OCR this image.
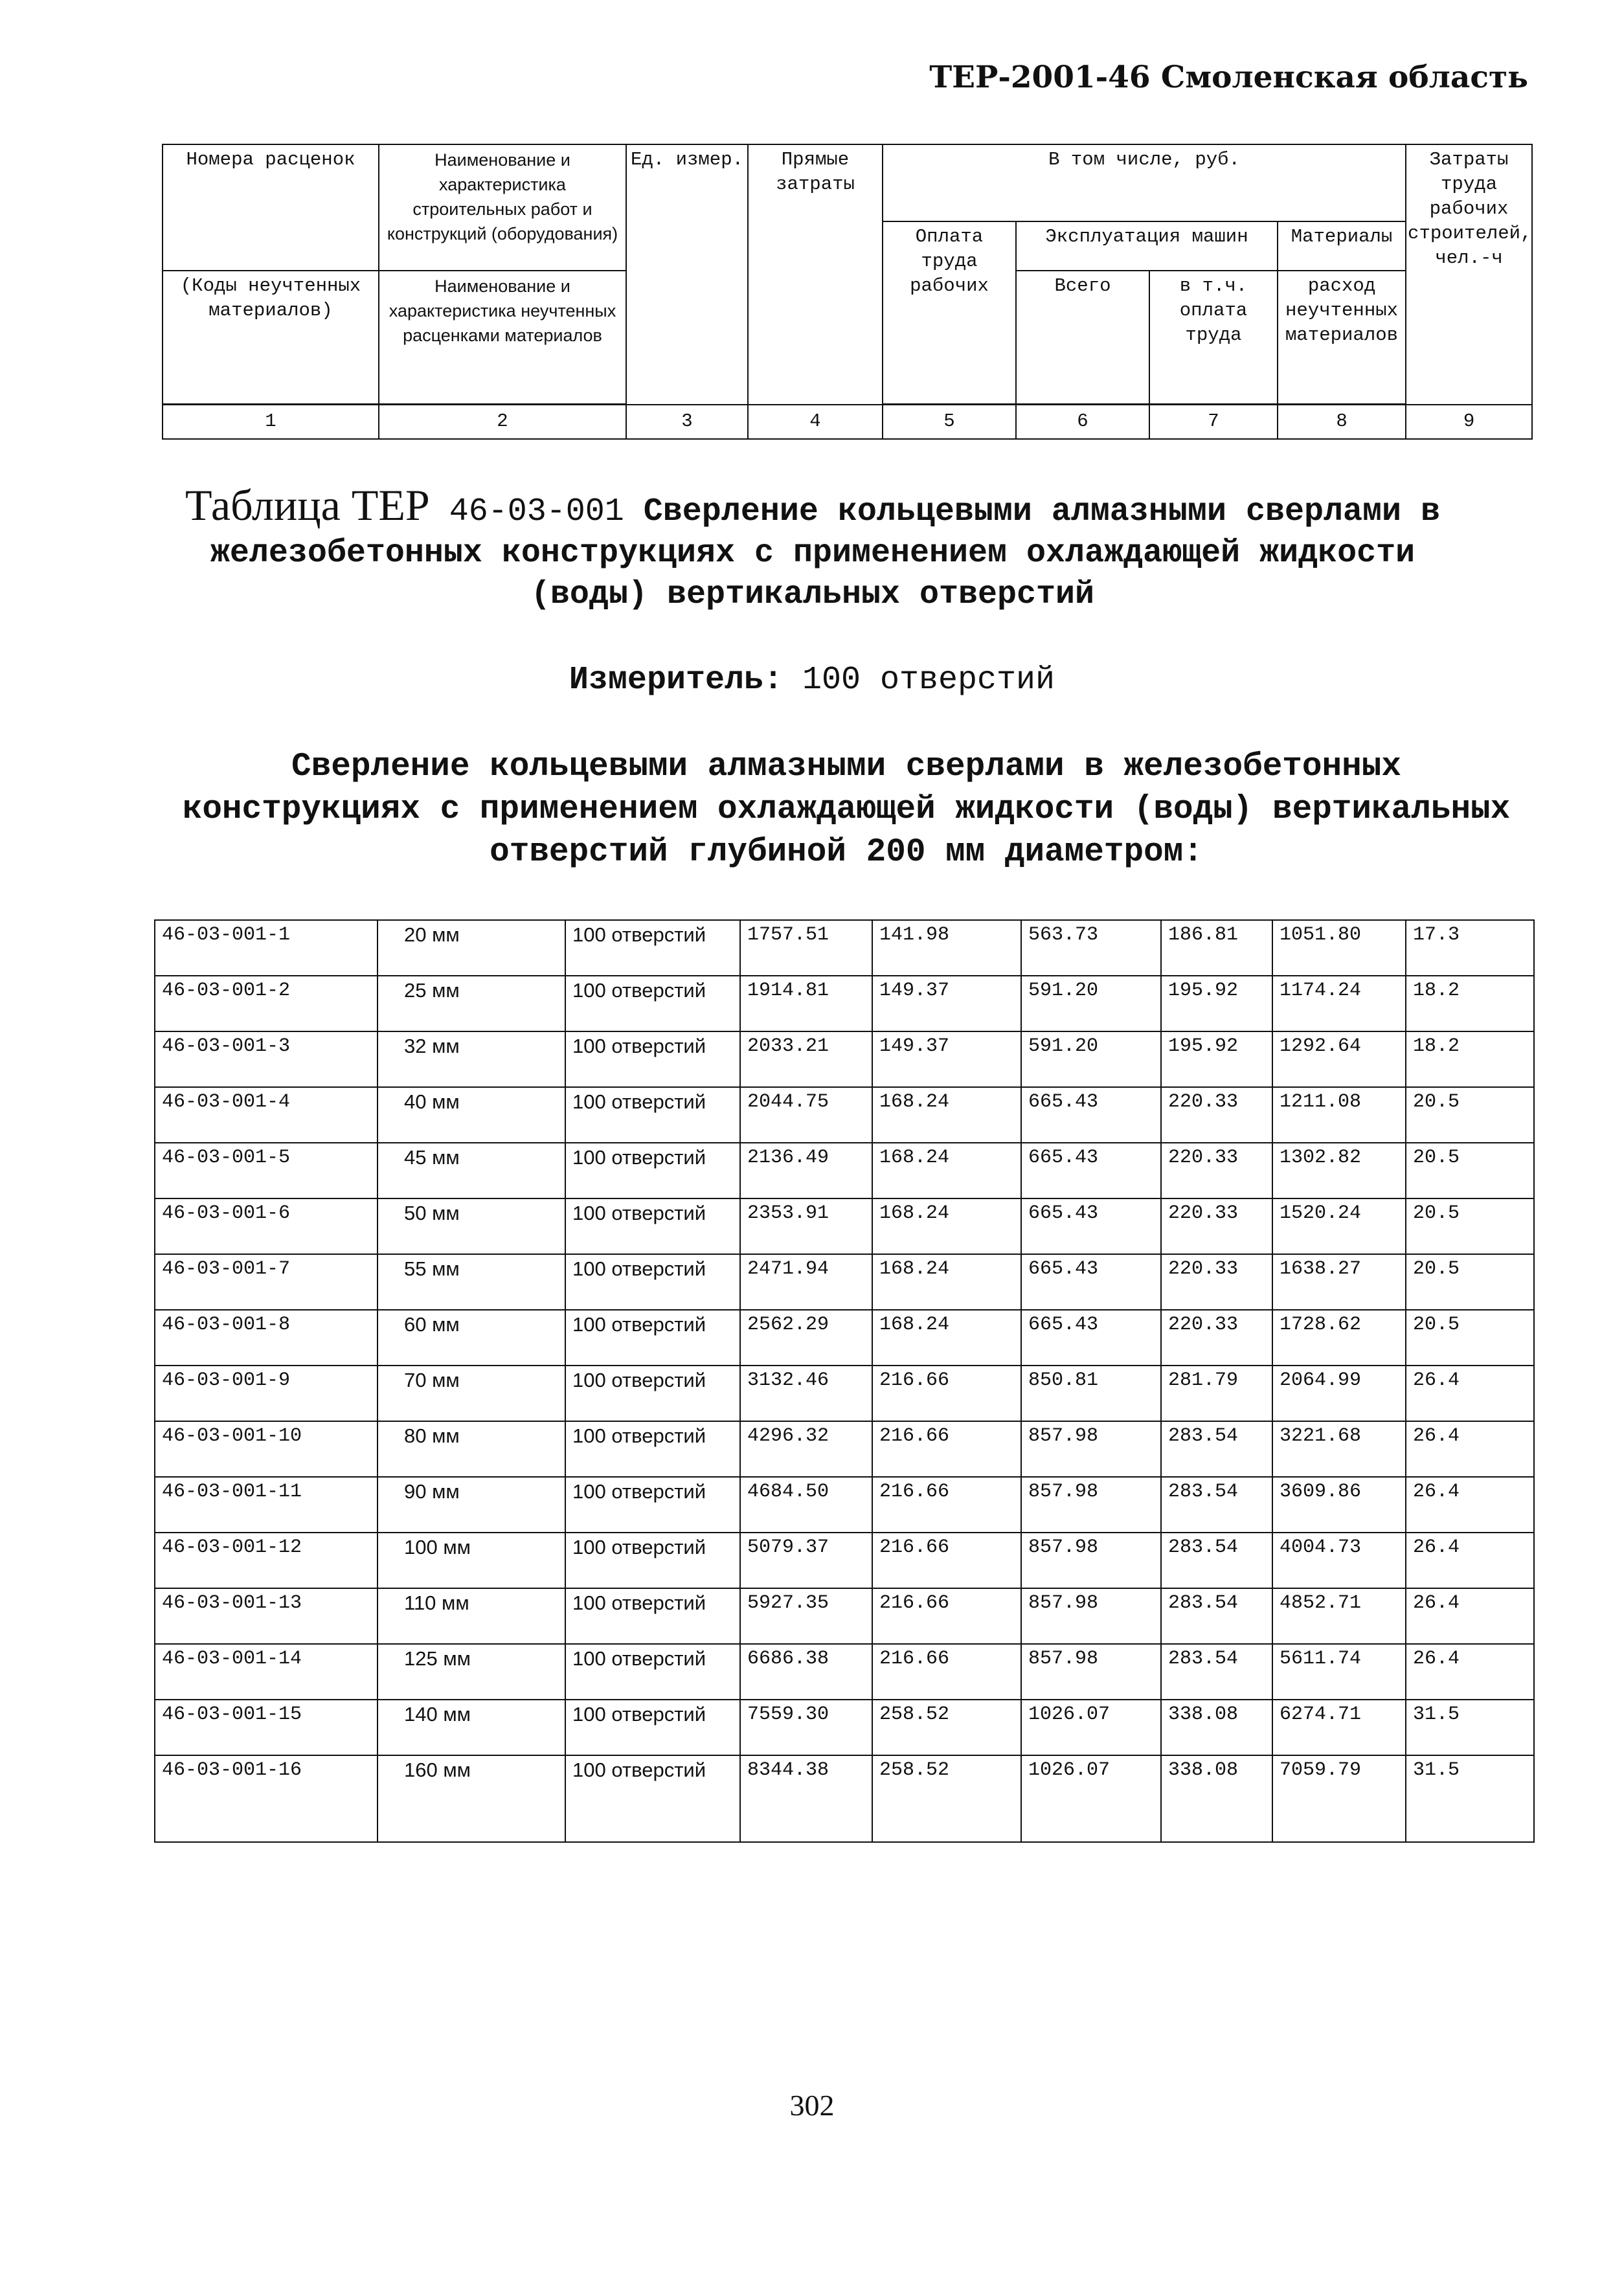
ТЕР-2001-46 Смоленская область
Номера расценок	Наименование и характеристика строительных работ и конструкций (оборудования)	Ед. измер.	Прямые затраты	В том числе, руб.				Затраты труда рабочих строителей, чел.-ч
				Оплата труда рабочих	Эксплуатация машин		Материалы	
(Коды неучтенных материалов)	Наименование и характеристика неучтенных расценками материалов				Всего	в т.ч. оплата труда	расход неучтенных материалов	

1	2	3	4	5	6	7	8	9
Таблица ТЕР 46-03-001 Сверление кольцевыми алмазными сверлами в железобетонных конструкциях с применением охлаждающей жидкости (воды) вертикальных отверстий
Измеритель: 100 отверстий
Сверление кольцевыми алмазными сверлами в железобетонных конструкциях с применением охлаждающей жидкости (воды) вертикальных отверстий глубиной 200 мм диаметром:
46-03-001-1	20 мм	100 отверстий	1757.51	141.98	563.73	186.81	1051.80	17.3
46-03-001-2	25 мм	100 отверстий	1914.81	149.37	591.20	195.92	1174.24	18.2
46-03-001-3	32 мм	100 отверстий	2033.21	149.37	591.20	195.92	1292.64	18.2
46-03-001-4	40 мм	100 отверстий	2044.75	168.24	665.43	220.33	1211.08	20.5
46-03-001-5	45 мм	100 отверстий	2136.49	168.24	665.43	220.33	1302.82	20.5
46-03-001-6	50 мм	100 отверстий	2353.91	168.24	665.43	220.33	1520.24	20.5
46-03-001-7	55 мм	100 отверстий	2471.94	168.24	665.43	220.33	1638.27	20.5
46-03-001-8	60 мм	100 отверстий	2562.29	168.24	665.43	220.33	1728.62	20.5
46-03-001-9	70 мм	100 отверстий	3132.46	216.66	850.81	281.79	2064.99	26.4
46-03-001-10	80 мм	100 отверстий	4296.32	216.66	857.98	283.54	3221.68	26.4
46-03-001-11	90 мм	100 отверстий	4684.50	216.66	857.98	283.54	3609.86	26.4
46-03-001-12	100 мм	100 отверстий	5079.37	216.66	857.98	283.54	4004.73	26.4
46-03-001-13	110 мм	100 отверстий	5927.35	216.66	857.98	283.54	4852.71	26.4
46-03-001-14	125 мм	100 отверстий	6686.38	216.66	857.98	283.54	5611.74	26.4
46-03-001-15	140 мм	100 отверстий	7559.30	258.52	1026.07	338.08	6274.71	31.5
46-03-001-16	160 мм	100 отверстий	8344.38	258.52	1026.07	338.08	7059.79	31.5
302
